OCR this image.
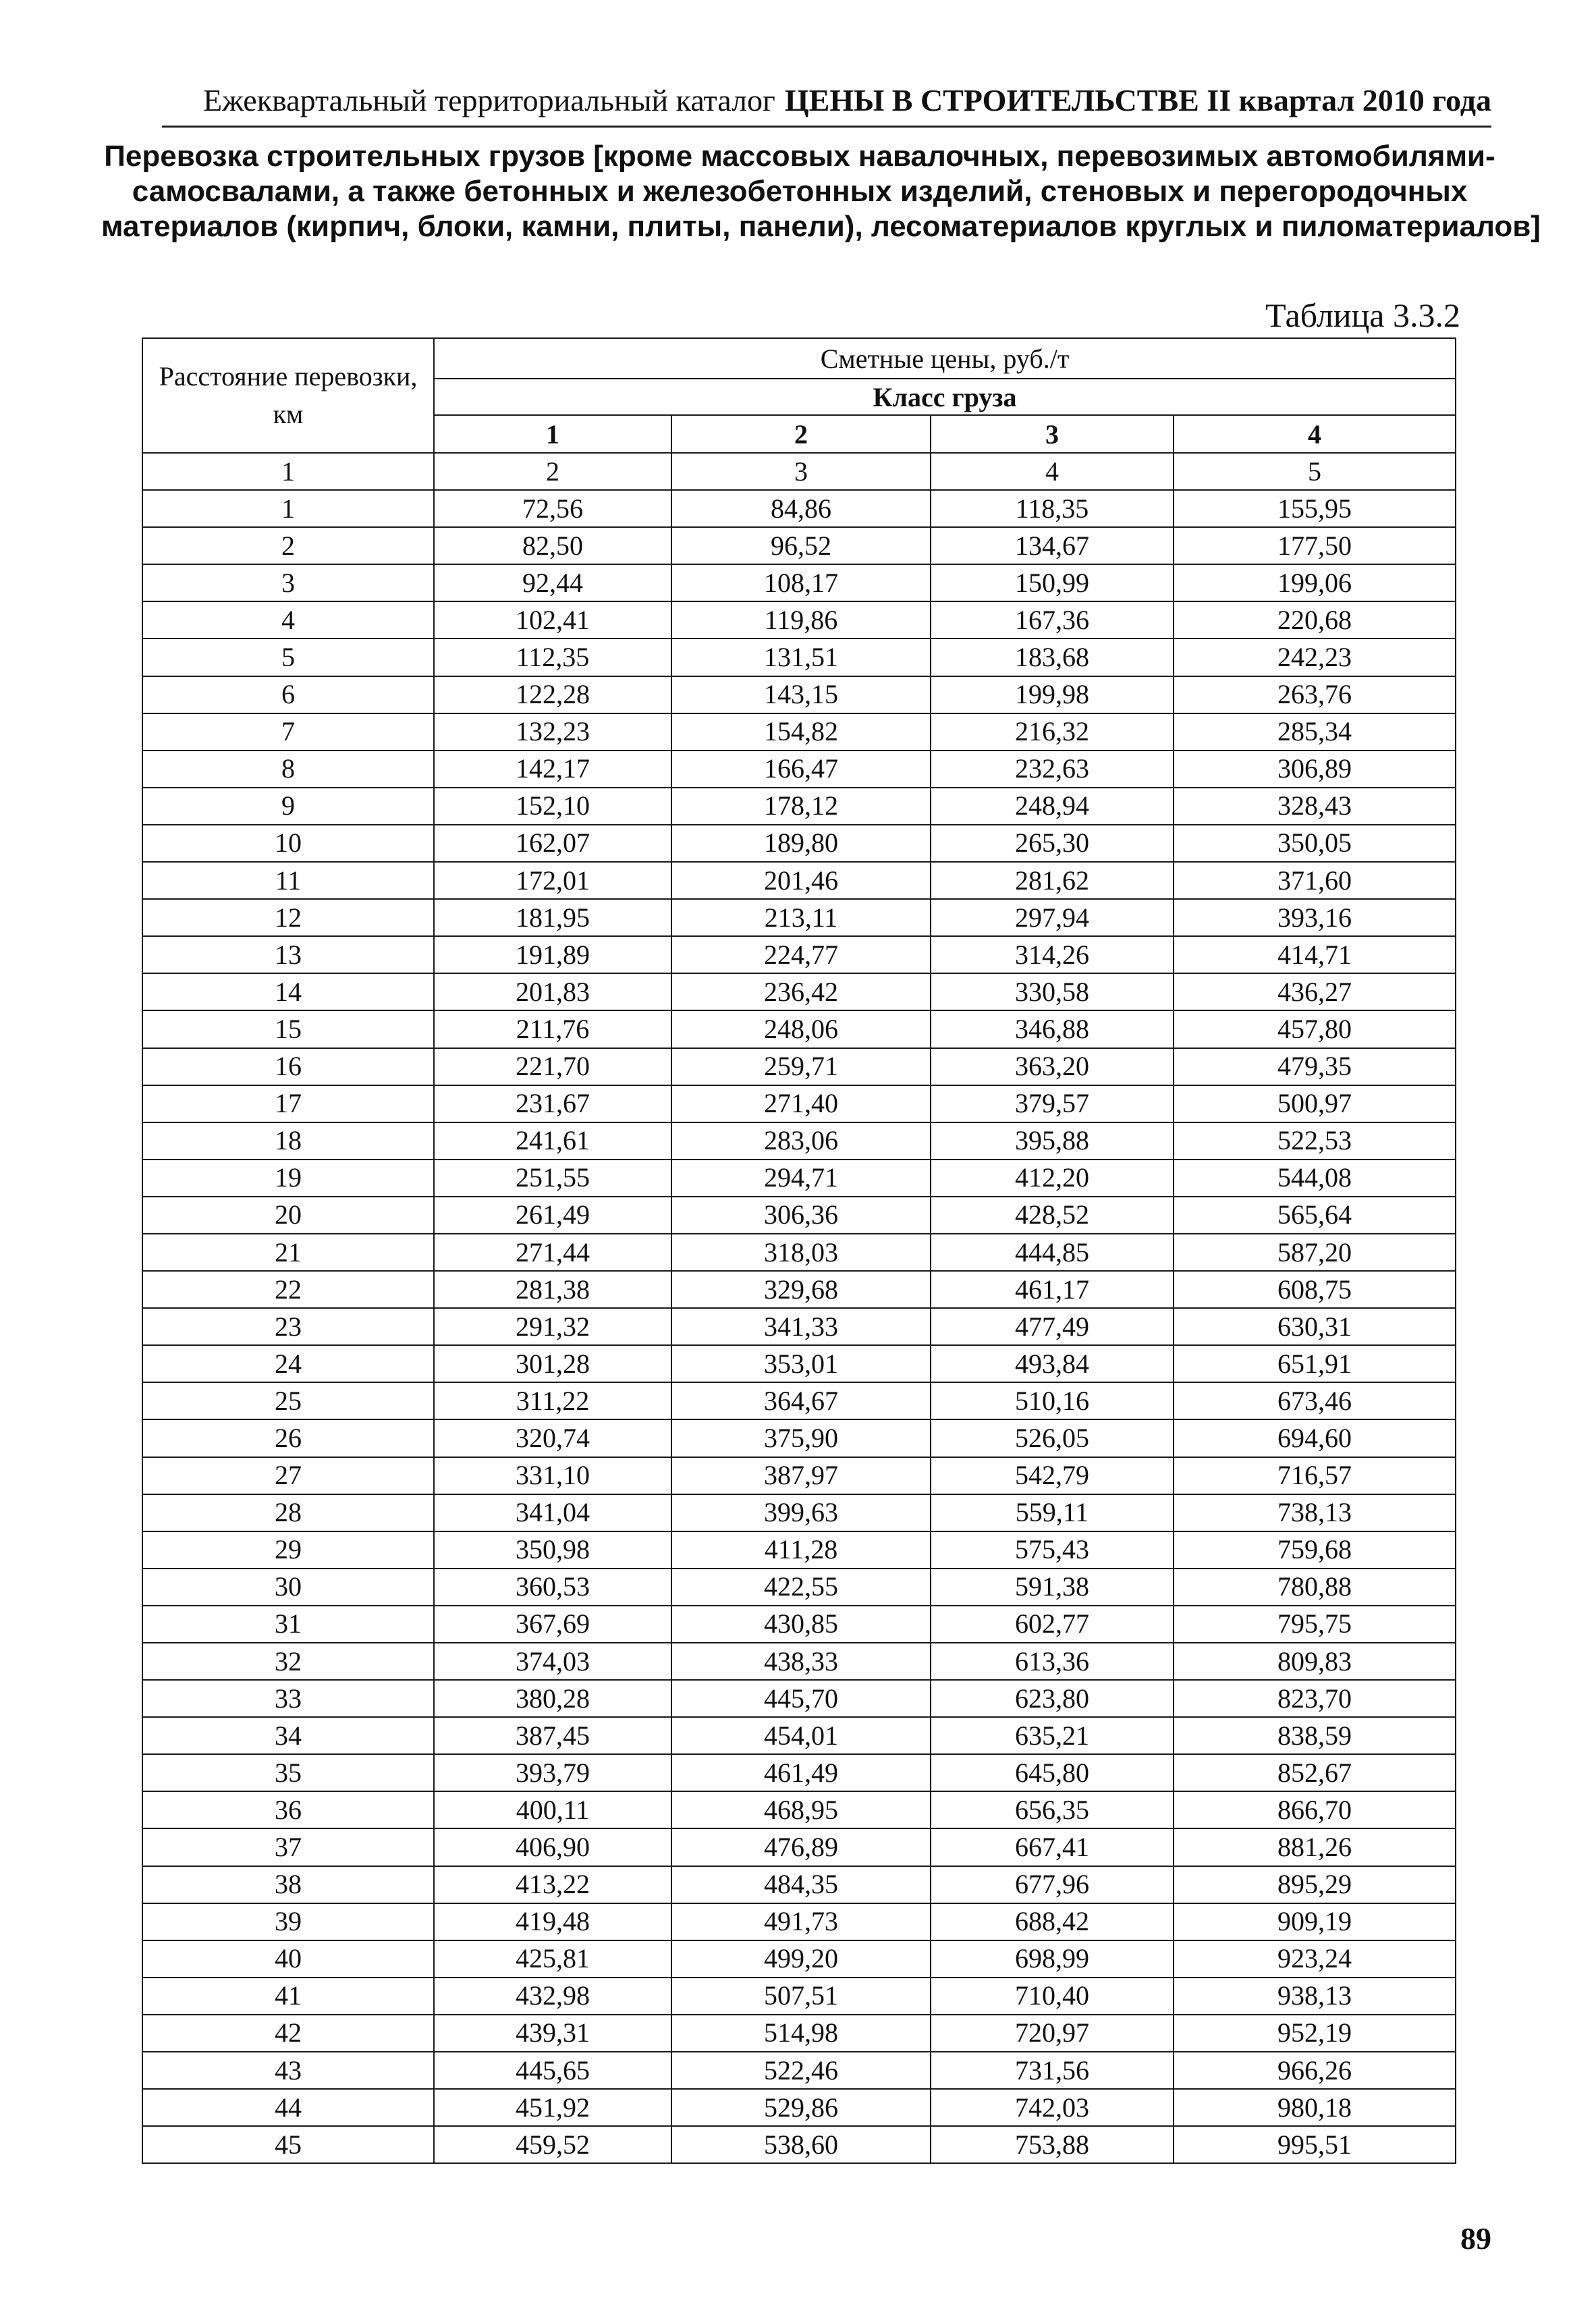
Ежеквартальный территориальный каталог ЦЕНЫ В СТРОИТЕЛЬСТВЕ II квартал 2010 года
Перевозка строительных грузов [кроме массовых навалочных, перевозимых автомобилями-
самосвалами, а также бетонных и железобетонных изделий, стеновых и перегородочных
материалов (кирпич, блоки, камни, плиты, панели), лесоматериалов круглых и пиломатериалов]
Таблица 3.3.2
Расстояние перевозки, км	Сметные цены, руб./т			
	Класс груза			
	1	2	3	4
1	2	3	4	5
1	72,56	84,86	118,35	155,95
2	82,50	96,52	134,67	177,50
3	92,44	108,17	150,99	199,06
4	102,41	119,86	167,36	220,68
5	112,35	131,51	183,68	242,23
6	122,28	143,15	199,98	263,76
7	132,23	154,82	216,32	285,34
8	142,17	166,47	232,63	306,89
9	152,10	178,12	248,94	328,43
10	162,07	189,80	265,30	350,05
11	172,01	201,46	281,62	371,60
12	181,95	213,11	297,94	393,16
13	191,89	224,77	314,26	414,71
14	201,83	236,42	330,58	436,27
15	211,76	248,06	346,88	457,80
16	221,70	259,71	363,20	479,35
17	231,67	271,40	379,57	500,97
18	241,61	283,06	395,88	522,53
19	251,55	294,71	412,20	544,08
20	261,49	306,36	428,52	565,64
21	271,44	318,03	444,85	587,20
22	281,38	329,68	461,17	608,75
23	291,32	341,33	477,49	630,31
24	301,28	353,01	493,84	651,91
25	311,22	364,67	510,16	673,46
26	320,74	375,90	526,05	694,60
27	331,10	387,97	542,79	716,57
28	341,04	399,63	559,11	738,13
29	350,98	411,28	575,43	759,68
30	360,53	422,55	591,38	780,88
31	367,69	430,85	602,77	795,75
32	374,03	438,33	613,36	809,83
33	380,28	445,70	623,80	823,70
34	387,45	454,01	635,21	838,59
35	393,79	461,49	645,80	852,67
36	400,11	468,95	656,35	866,70
37	406,90	476,89	667,41	881,26
38	413,22	484,35	677,96	895,29
39	419,48	491,73	688,42	909,19
40	425,81	499,20	698,99	923,24
41	432,98	507,51	710,40	938,13
42	439,31	514,98	720,97	952,19
43	445,65	522,46	731,56	966,26
44	451,92	529,86	742,03	980,18
45	459,52	538,60	753,88	995,51
89
